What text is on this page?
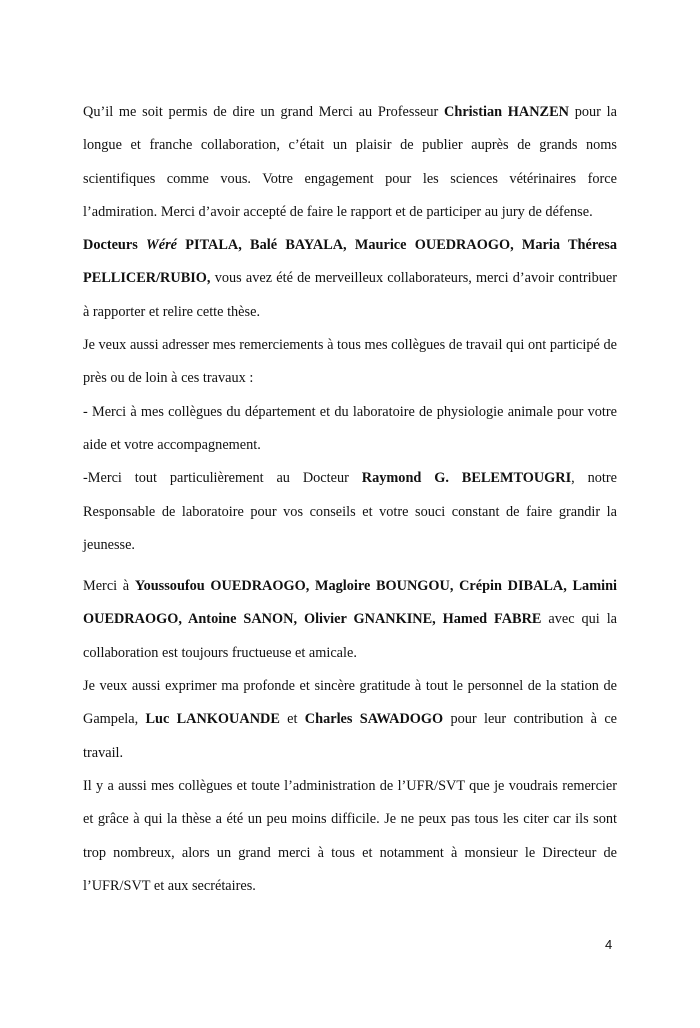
Qu’il me soit permis de dire un grand Merci au Professeur Christian HANZEN pour la longue et franche collaboration, c’était un plaisir de publier auprès de grands noms scientifiques comme vous. Votre engagement pour les sciences vétérinaires force l’admiration. Merci d’avoir accepté de faire le rapport et de participer au jury de défense.

Docteurs Wéré PITALA, Balé BAYALA, Maurice OUEDRAOGO, Maria Théresa PELLICER/RUBIO, vous avez été de merveilleux collaborateurs, merci d’avoir contribuer à rapporter et relire cette thèse.

Je veux aussi adresser mes remerciements à tous mes collègues de travail qui ont participé de près ou de loin à ces travaux :

- Merci à mes collègues du département et du laboratoire de physiologie animale pour votre aide et votre accompagnement.

-Merci tout particulièrement au Docteur Raymond G. BELEMTOUGRI, notre Responsable de laboratoire pour vos conseils et votre souci constant de faire grandir la jeunesse.

Merci à Youssoufou OUEDRAOGO, Magloire BOUNGOU, Crépin DIBALA, Lamini OUEDRAOGO, Antoine SANON, Olivier GNANKINE, Hamed FABRE avec qui la collaboration est toujours fructueuse et amicale.

Je veux aussi exprimer ma profonde et sincère gratitude à tout le personnel de la station de Gampela, Luc LANKOUANDE et Charles SAWADOGO pour leur contribution à ce travail.

Il y a aussi mes collègues et toute l’administration de l’UFR/SVT que je voudrais remercier et grâce à qui la thèse a été un peu moins difficile. Je ne peux pas tous les citer car ils sont trop nombreux, alors un grand merci à tous et notamment à monsieur le Directeur de l’UFR/SVT et aux secrétaires.

4
